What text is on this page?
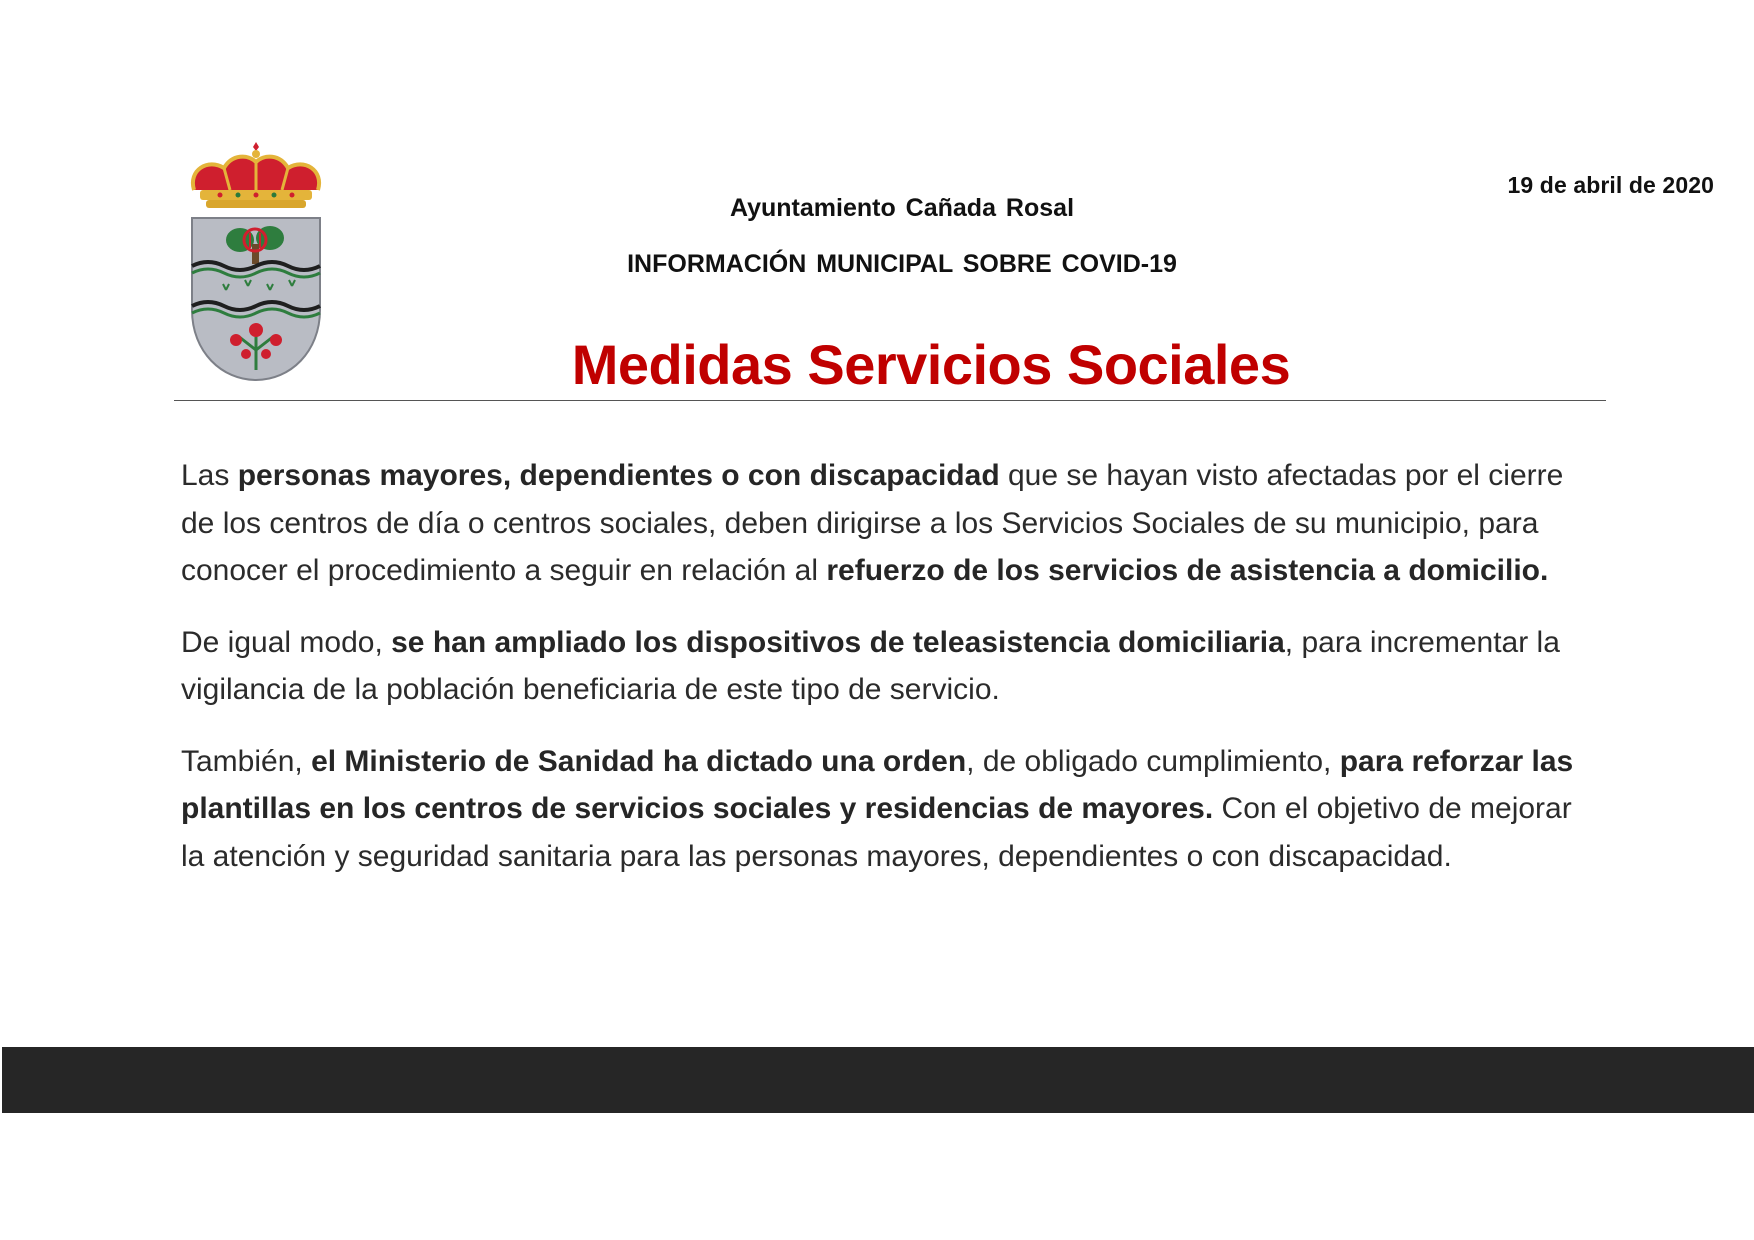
19 de abril de 2020
Ayuntamiento Cañada Rosal
INFORMACIÓN MUNICIPAL SOBRE COVID-19
Medidas Servicios Sociales

Las personas mayores, dependientes o con discapacidad que se hayan visto afectadas por el cierre de los centros de día o centros sociales, deben dirigirse a los Servicios Sociales de su municipio, para conocer el procedimiento a seguir en relación al refuerzo de los servicios de asistencia a domicilio.

De igual modo, se han ampliado los dispositivos de teleasistencia domiciliaria, para incrementar la vigilancia de la población beneficiaria de este tipo de servicio.

También, el Ministerio de Sanidad ha dictado una orden, de obligado cumplimiento, para reforzar las plantillas en los centros de servicios sociales y residencias de mayores. Con el objetivo de mejorar la atención y seguridad sanitaria para las personas mayores, dependientes o con discapacidad.
